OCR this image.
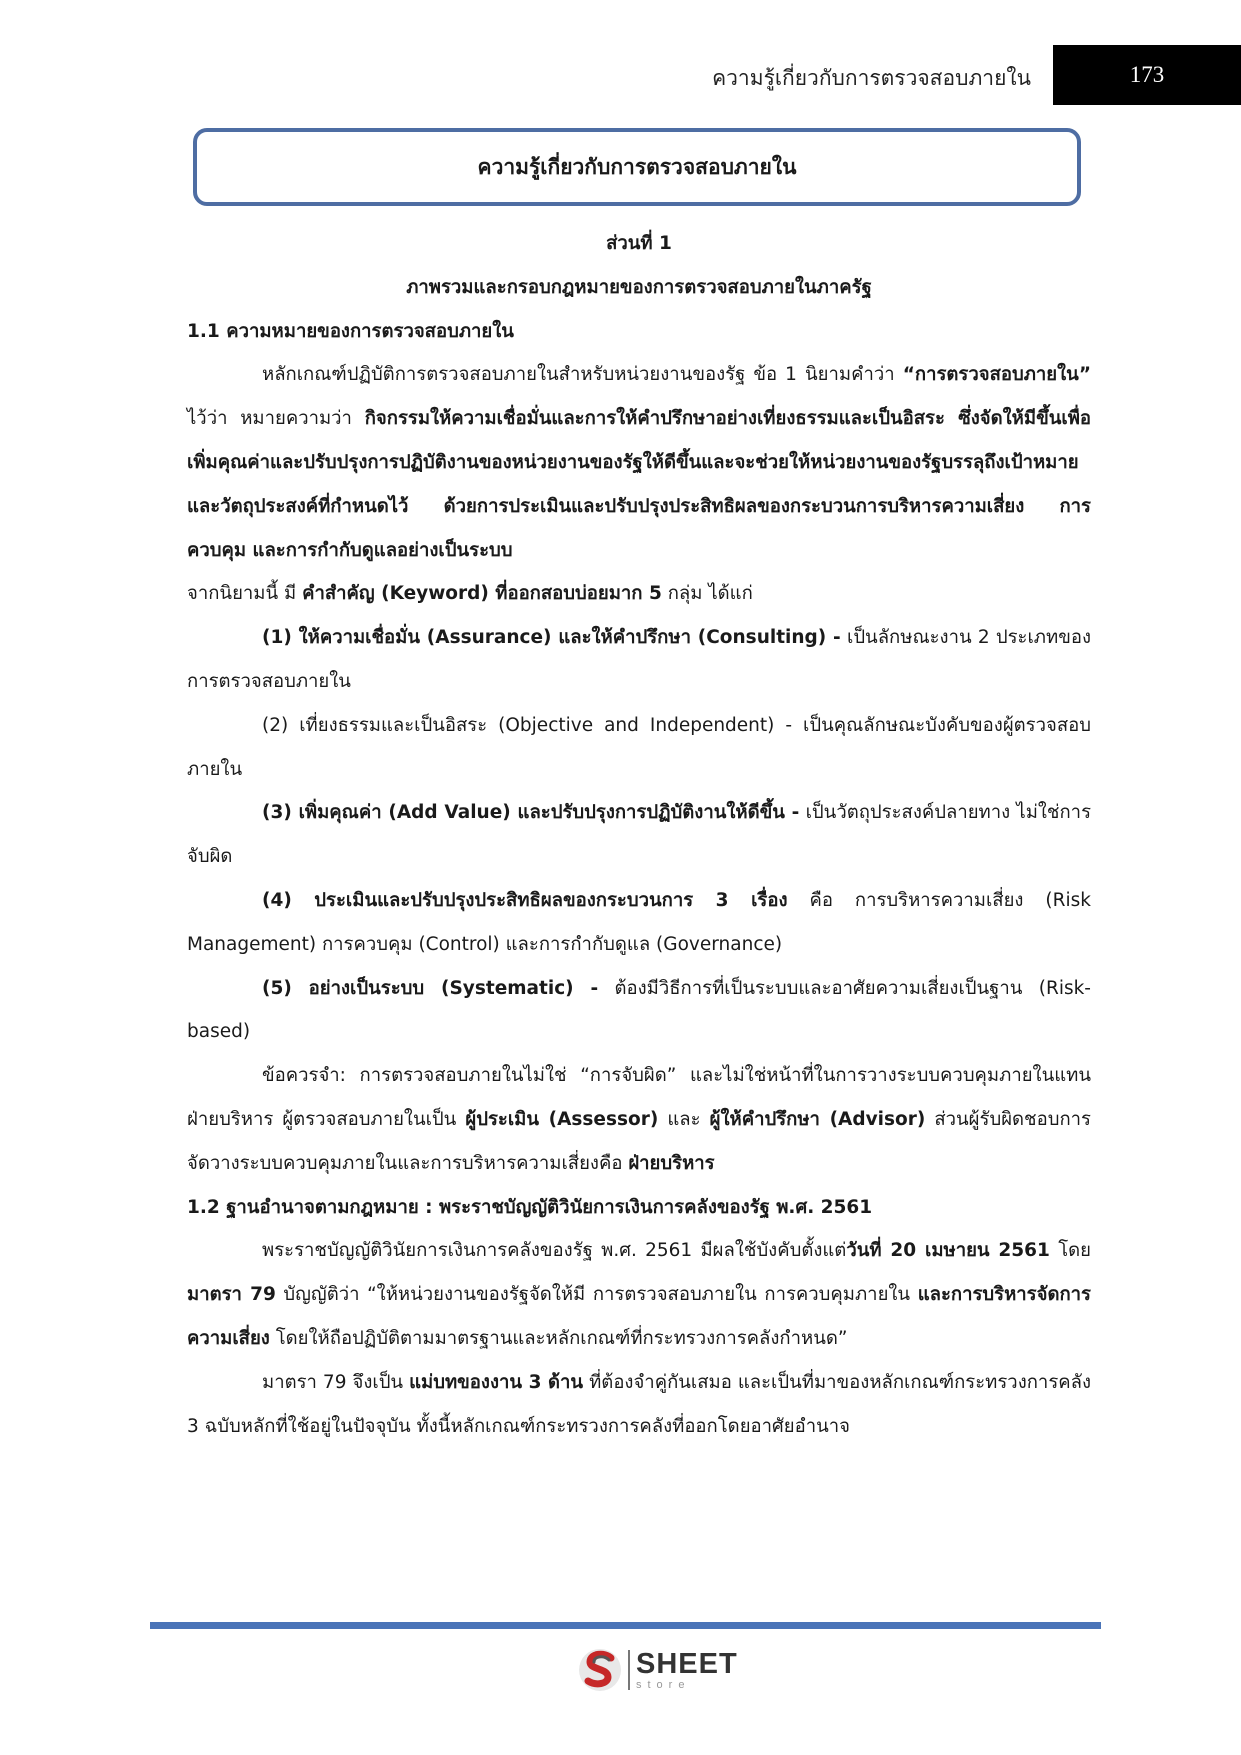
ความรู้เกี่ยวกับการตรวจสอบภายใน	173
ความรู้เกี่ยวกับการตรวจสอบภายใน
ส่วนที่ 1
ภาพรวมและกรอบกฎหมายของการตรวจสอบภายในภาครัฐ
1.1 ความหมายของการตรวจสอบภายใน

หลักเกณฑ์ปฏิบัติการตรวจสอบภายในสำหรับหน่วยงานของรัฐ ข้อ 1 นิยามคำว่า “การตรวจสอบภายใน” ไว้ว่า หมายความว่า กิจกรรมให้ความเชื่อมั่นและการให้คำปรึกษาอย่างเที่ยงธรรมและเป็นอิสระ ซึ่งจัดให้มีขึ้นเพื่อเพิ่มคุณค่าและปรับปรุงการปฏิบัติงานของหน่วยงานของรัฐให้ดีขึ้นและจะช่วยให้หน่วยงานของรัฐบรรลุถึงเป้าหมายและวัตถุประสงค์ที่กำหนดไว้ ด้วยการประเมินและปรับปรุงประสิทธิผลของกระบวนการบริหารความเสี่ยง การควบคุม และการกำกับดูแลอย่างเป็นระบบ

จากนิยามนี้ มี คำสำคัญ (Keyword) ที่ออกสอบบ่อยมาก 5 กลุ่ม ได้แก่

(1) ให้ความเชื่อมั่น (Assurance) และให้คำปรึกษา (Consulting) - เป็นลักษณะงาน 2 ประเภทของการตรวจสอบภายใน

(2) เที่ยงธรรมและเป็นอิสระ (Objective and Independent) - เป็นคุณลักษณะบังคับของผู้ตรวจสอบภายใน

(3) เพิ่มคุณค่า (Add Value) และปรับปรุงการปฏิบัติงานให้ดีขึ้น - เป็นวัตถุประสงค์ปลายทาง ไม่ใช่การจับผิด

(4) ประเมินและปรับปรุงประสิทธิผลของกระบวนการ 3 เรื่อง คือ การบริหารความเสี่ยง (Risk Management) การควบคุม (Control) และการกำกับดูแล (Governance)

(5) อย่างเป็นระบบ (Systematic) - ต้องมีวิธีการที่เป็นระบบและอาศัยความเสี่ยงเป็นฐาน (Risk-based)

ข้อควรจำ: การตรวจสอบภายในไม่ใช่ “การจับผิด” และไม่ใช่หน้าที่ในการวางระบบควบคุมภายในแทนฝ่ายบริหาร ผู้ตรวจสอบภายในเป็น ผู้ประเมิน (Assessor) และ ผู้ให้คำปรึกษา (Advisor) ส่วนผู้รับผิดชอบการจัดวางระบบควบคุมภายในและการบริหารความเสี่ยงคือ ฝ่ายบริหาร

1.2 ฐานอำนาจตามกฎหมาย : พระราชบัญญัติวินัยการเงินการคลังของรัฐ พ.ศ. 2561

พระราชบัญญัติวินัยการเงินการคลังของรัฐ พ.ศ. 2561 มีผลใช้บังคับตั้งแต่วันที่ 20 เมษายน 2561 โดย มาตรา 79 บัญญัติว่า “ให้หน่วยงานของรัฐจัดให้มี การตรวจสอบภายใน การควบคุมภายใน และการบริหารจัดการความเสี่ยง โดยให้ถือปฏิบัติตามมาตรฐานและหลักเกณฑ์ที่กระทรวงการคลังกำหนด”

มาตรา 79 จึงเป็น แม่บทของงาน 3 ด้าน ที่ต้องจำคู่กันเสมอ และเป็นที่มาของหลักเกณฑ์กระทรวงการคลัง 3 ฉบับหลักที่ใช้อยู่ในปัจจุบัน ทั้งนี้หลักเกณฑ์กระทรวงการคลังที่ออกโดยอาศัยอำนาจ

SHEET
store
